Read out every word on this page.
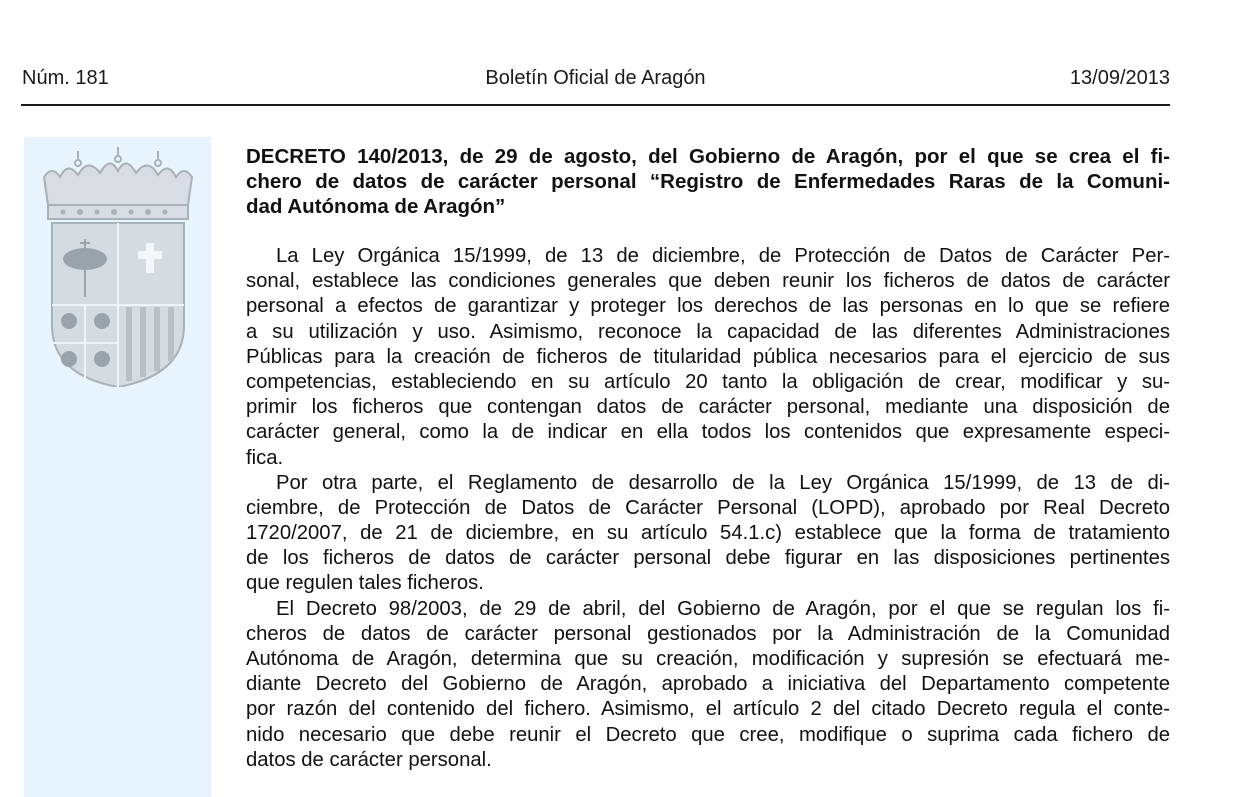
Núm. 181	Boletín Oficial de Aragón	13/09/2013
DECRETO 140/2013, de 29 de agosto, del Gobierno de Aragón, por el que se crea el fi-
chero de datos de carácter personal “Registro de Enfermedades Raras de la Comuni-
dad Autónoma de Aragón”
La Ley Orgánica 15/1999, de 13 de diciembre, de Protección de Datos de Carácter Per-
sonal, establece las condiciones generales que deben reunir los ficheros de datos de carácter
personal a efectos de garantizar y proteger los derechos de las personas en lo que se refiere
a su utilización y uso. Asimismo, reconoce la capacidad de las diferentes Administraciones
Públicas para la creación de ficheros de titularidad pública necesarios para el ejercicio de sus
competencias, estableciendo en su artículo 20 tanto la obligación de crear, modificar y su-
primir los ficheros que contengan datos de carácter personal, mediante una disposición de
carácter general, como la de indicar en ella todos los contenidos que expresamente especi-
fica.
Por otra parte, el Reglamento de desarrollo de la Ley Orgánica 15/1999, de 13 de di-
ciembre, de Protección de Datos de Carácter Personal (LOPD), aprobado por Real Decreto
1720/2007, de 21 de diciembre, en su artículo 54.1.c) establece que la forma de tratamiento
de los ficheros de datos de carácter personal debe figurar en las disposiciones pertinentes
que regulen tales ficheros.
El Decreto 98/2003, de 29 de abril, del Gobierno de Aragón, por el que se regulan los fi-
cheros de datos de carácter personal gestionados por la Administración de la Comunidad
Autónoma de Aragón, determina que su creación, modificación y supresión se efectuará me-
diante Decreto del Gobierno de Aragón, aprobado a iniciativa del Departamento competente
por razón del contenido del fichero. Asimismo, el artículo 2 del citado Decreto regula el conte-
nido necesario que debe reunir el Decreto que cree, modifique o suprima cada fichero de
datos de carácter personal.
